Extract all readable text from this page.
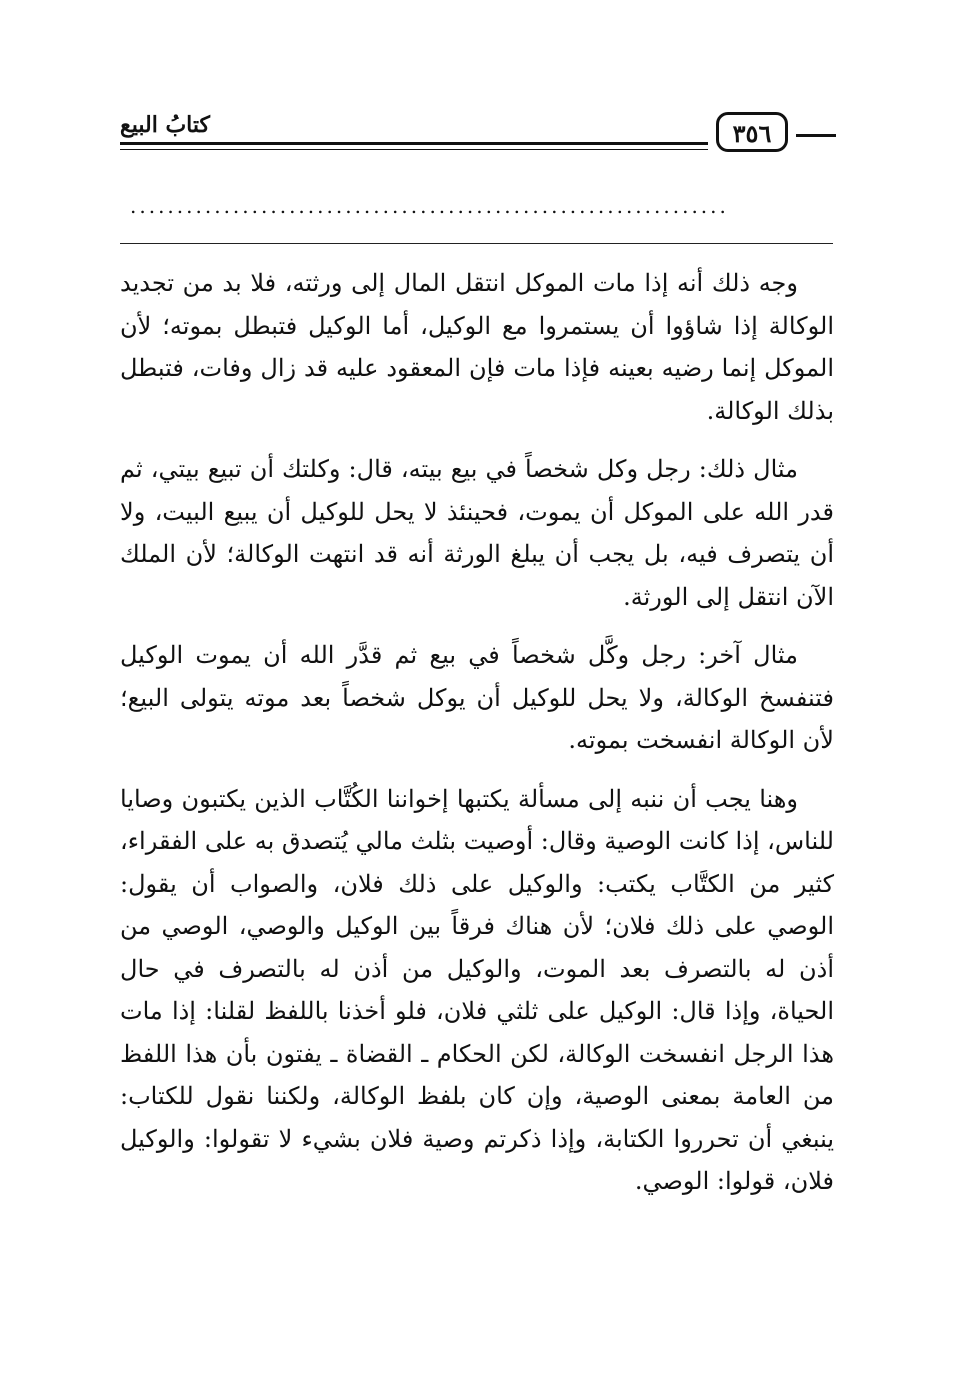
٣٥٦
كتابُ البيع
................................................................

وجه ذلك أنه إذا مات الموكل انتقل المال إلى ورثته، فلا بد من تجديد الوكالة إذا شاؤوا أن يستمروا مع الوكيل، أما الوكيل فتبطل بموته؛ لأن الموكل إنما رضيه بعينه فإذا مات فإن المعقود عليه قد زال وفات، فتبطل بذلك الوكالة.

مثال ذلك: رجل وكل شخصاً في بيع بيته، قال: وكلتك أن تبيع بيتي، ثم قدر الله على الموكل أن يموت، فحينئذ لا يحل للوكيل أن يبيع البيت، ولا أن يتصرف فيه، بل يجب أن يبلغ الورثة أنه قد انتهت الوكالة؛ لأن الملك الآن انتقل إلى الورثة.

مثال آخر: رجل وكَّل شخصاً في بيع ثم قدَّر الله أن يموت الوكيل فتنفسخ الوكالة، ولا يحل للوكيل أن يوكل شخصاً بعد موته يتولى البيع؛ لأن الوكالة انفسخت بموته.

وهنا يجب أن ننبه إلى مسألة يكتبها إخواننا الكُتَّاب الذين يكتبون وصايا للناس، إذا كانت الوصية وقال: أوصيت بثلث مالي يُتصدق به على الفقراء، كثير من الكتَّاب يكتب: والوكيل على ذلك فلان، والصواب أن يقول: الوصي على ذلك فلان؛ لأن هناك فرقاً بين الوكيل والوصي، الوصي من أذن له بالتصرف بعد الموت، والوكيل من أذن له بالتصرف في حال الحياة، وإذا قال: الوكيل على ثلثي فلان، فلو أخذنا باللفظ لقلنا: إذا مات هذا الرجل انفسخت الوكالة، لكن الحكام ـ القضاة ـ يفتون بأن هذا اللفظ من العامة بمعنى الوصية، وإن كان بلفظ الوكالة، ولكننا نقول للكتاب: ينبغي أن تحرروا الكتابة، وإذا ذكرتم وصية فلان بشيء لا تقولوا: والوكيل فلان، قولوا: الوصي.
